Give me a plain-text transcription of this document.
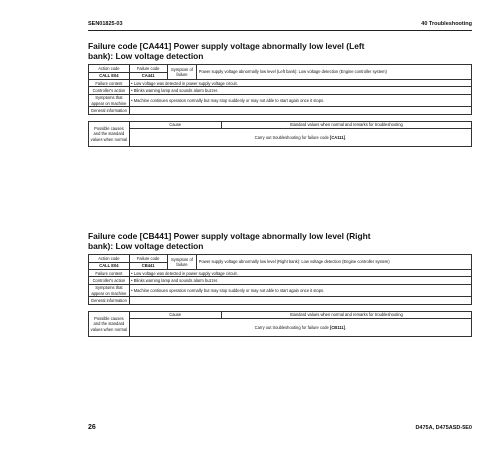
SEN01825-03	40 Troubleshooting
Failure code [CA441] Power supply voltage abnormally low level (Left
bank): Low voltage detection
Action code	Failure code	Symptom of failure	Power supply voltage abnormally low level (Left bank): Low voltage detection (Engine controller system)
CALL E04	CA441		
Failure content	• Low voltage was detected in power supply voltage circuit.
Controller's action	• Blinks warning lamp and sounds alarm buzzer.
Symptoms that appear on machine	• Machine continues operation normally but may stop suddenly or may not able to start again once it stops.
General information			
Possible causes and the standard values when normal	Cause	Standard values when normal and remarks for troubleshooting
Carry out troubleshooting for failure code [CA111].
Failure code [CB441] Power supply voltage abnormally low level (Right
bank): Low voltage detection
Action code	Failure code	Symptom of failure	Power supply voltage abnormally low level (Right bank): Low voltage detection (Engine controller system)
CALL E04	CB441		
Failure content	• Low voltage was detected in power supply voltage circuit.
Controller's action	• Blinks warning lamp and sounds alarm buzzer.
Symptoms that appear on machine	• Machine continues operation normally but may stop suddenly or may not able to start again once it stops.
General information			
Possible causes and the standard values when normal	Cause	Standard values when normal and remarks for troubleshooting
Carry out troubleshooting for failure code [CB111].
26	D475A, D475ASD-5E0
